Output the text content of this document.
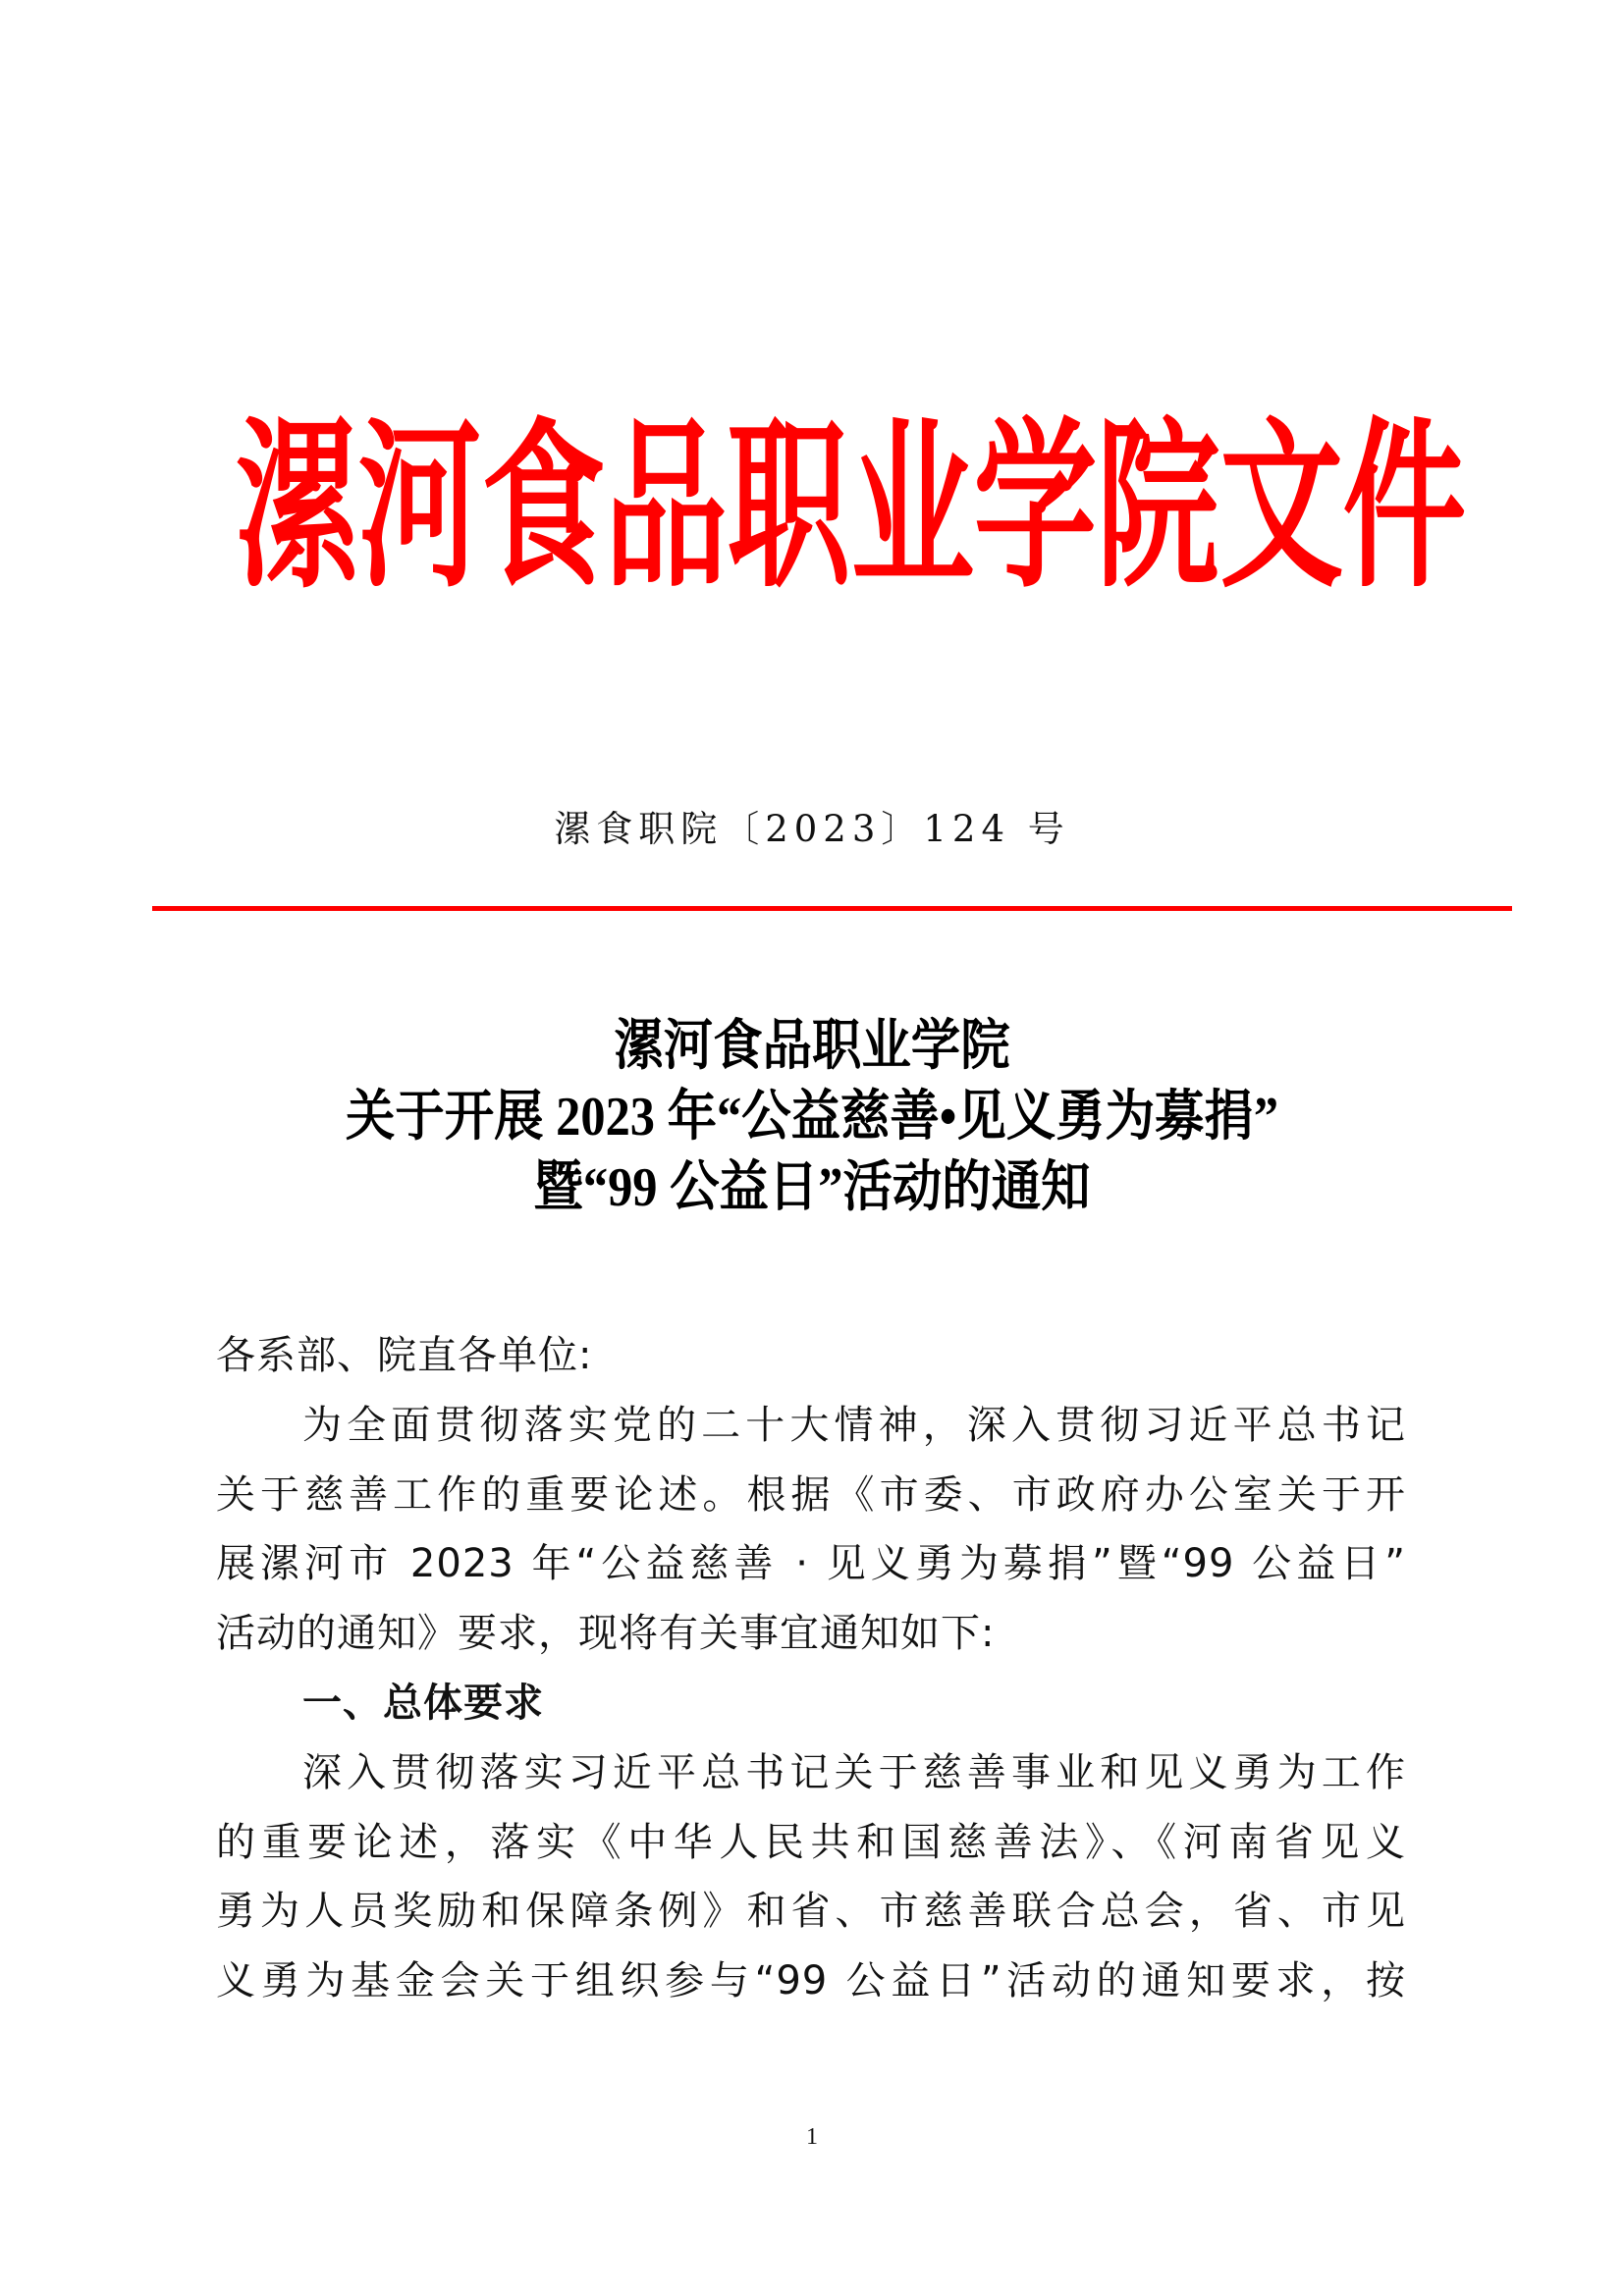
漯 河 食 品 职 业 学 院 文 件
漯食职院〔2023〕124 号
漯河食品职业学院
关于开展 2023 年“公益慈善•见义勇为募捐”
暨“99 公益日”活动的通知

各系部、院直各单位:

为全面贯彻落实党的二十大情神，深入贯彻习近平总书记

关于慈善工作的重要论述。根据《市委、市政府办公室关于开

展漯河市 2023 年“公益慈善 · 见义勇为募捐”暨“99 公益日”

活动的通知》要求，现将有关事宜通知如下:

一、总体要求

深入贯彻落实习近平总书记关于慈善事业和见义勇为工作

的重要论述，落实《中华人民共和国慈善法》、《河南省见义

勇为人员奖励和保障条例》和省、市慈善联合总会，省、市见

义勇为基金会关于组织参与“99 公益日”活动的通知要求，按

1
